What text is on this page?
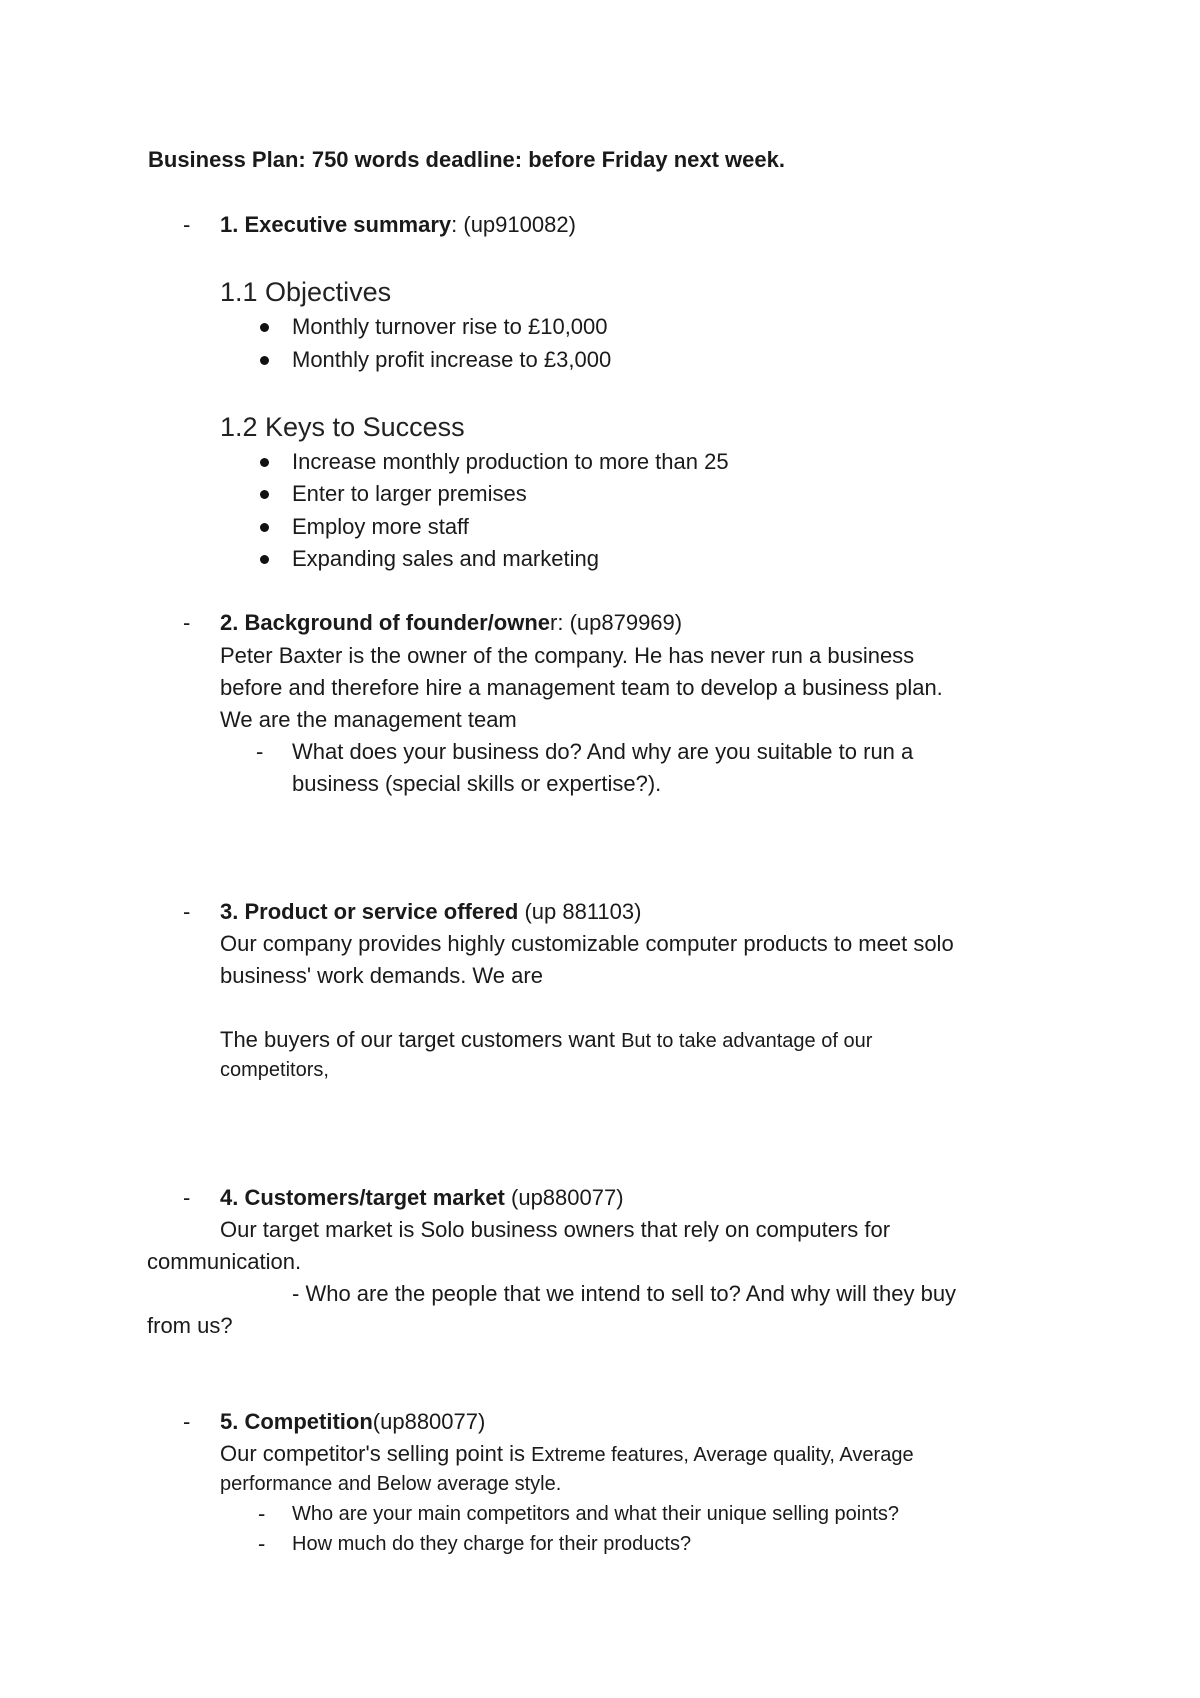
Business Plan: 750 words deadline: before Friday next week.
- 1. Executive summary: (up910082)
1.1 Objectives
Monthly turnover rise to £10,000
Monthly profit increase to £3,000
1.2 Keys to Success
Increase monthly production to more than 25
Enter to larger premises
Employ more staff
Expanding sales and marketing
- 2. Background of founder/owner: (up879969)
Peter Baxter is the owner of the company. He has never run a business
before and therefore hire a management team to develop a business plan.
We are the management team
- What does your business do? And why are you suitable to run a
business (special skills or expertise?).
- 3. Product or service offered (up 881103)
Our company provides highly customizable computer products to meet solo
business' work demands. We are
The buyers of our target customers want But to take advantage of our
competitors,
- 4. Customers/target market (up880077)
Our target market is Solo business owners that rely on computers for
communication.
- Who are the people that we intend to sell to? And why will they buy
from us?
- 5. Competition(up880077)
Our competitor's selling point is Extreme features, Average quality, Average
performance and Below average style.
- Who are your main competitors and what their unique selling points?
- How much do they charge for their products?
